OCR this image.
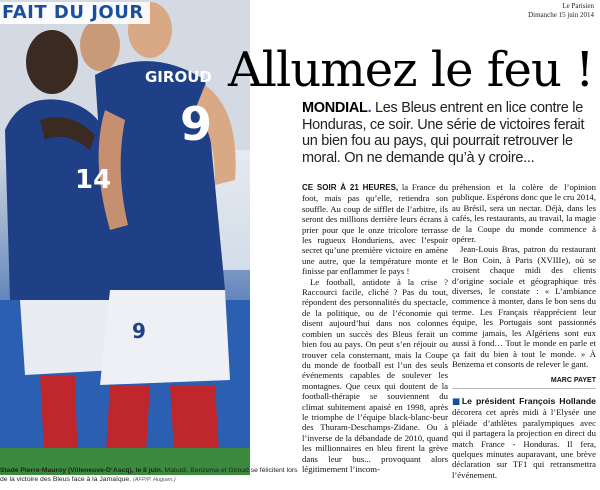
GIROUD
9
14
9
FAIT DU JOUR
Stade Pierre-Mauroy (Villeneuve-D’Ascq), le 8 juin. Matuidi, Benzema et Giroud se félicitent lors de la victoire des Bleus face à la Jamaïque. (AFP/P. Huguen.)
Le Parisien
Dimanche 15 juin 2014
Allumez le feu !
MONDIAL. Les Bleus entrent en lice contre le Honduras, ce soir. Une série de victoires ferait un bien fou au pays, qui pourrait retrouver le moral. On ne demande qu’à y croire...

CE SOIR À 21 HEURES, la France du foot, mais pas qu’elle, retiendra son souffle. Au coup de sifflet de l’arbitre, ils seront des millions derrière leurs écrans à prier pour que le onze tricolore terrasse les rugueux Honduriens, avec l’espoir secret qu’une première victoire en amène une autre, que la température monte et finisse par enflammer le pays !

Le football, antidote à la crise ? Raccourci facile, cliché ? Pas du tout, répondent des personnalités du spectacle, de la politique, ou de l’économie qui disent aujourd’hui dans nos colonnes combien un succès des Bleus ferait un bien fou au pays. On peut s’en réjouir ou trouver cela consternant, mais la Coupe du monde de football est l’un des seuls événements capables de soulever les montagnes. Que ceux qui doutent de la football-thérapie se souviennent du climat subitement apaisé en 1998, après le triomphe de l’équipe black-blanc-beur des Thuram-Deschamps-Zidane. Ou à l’inverse de la débandade de 2010, quand les millionnaires en bleu firent la grève dans leur bus... provoquant alors légitimement l’incom-

préhension et la colère de l’opinion publique. Espérons donc que le cru 2014, au Brésil, sera un nectar. Déjà, dans les cafés, les restaurants, au travail, la magie de la Coupe du monde commence à opérer.

Jean-Louis Bras, patron du restaurant le Bon Coin, à Paris (XVIIIe), où se croisent chaque midi des clients d’origine sociale et géographique très diverses, le constate : « L’ambiance commence à monter, dans le bon sens du terme. Les Français réapprécient leur équipe, les Portugais sont passionnés comme jamais, les Algériens sont eux aussi à fond… Tout le monde en parle et ça fait du bien à tout le monde. » À Benzema et consorts de relever le gant.

MARC PAYET

■Le président François Hollande décorera cet après midi à l’Elysée une pléiade d’athlètes paralympiques avec qui il partagera la projection en direct du match France - Honduras. Il fera, quelques minutes auparavant, une brève déclaration sur TF1 qui retransmettra l’événement.
